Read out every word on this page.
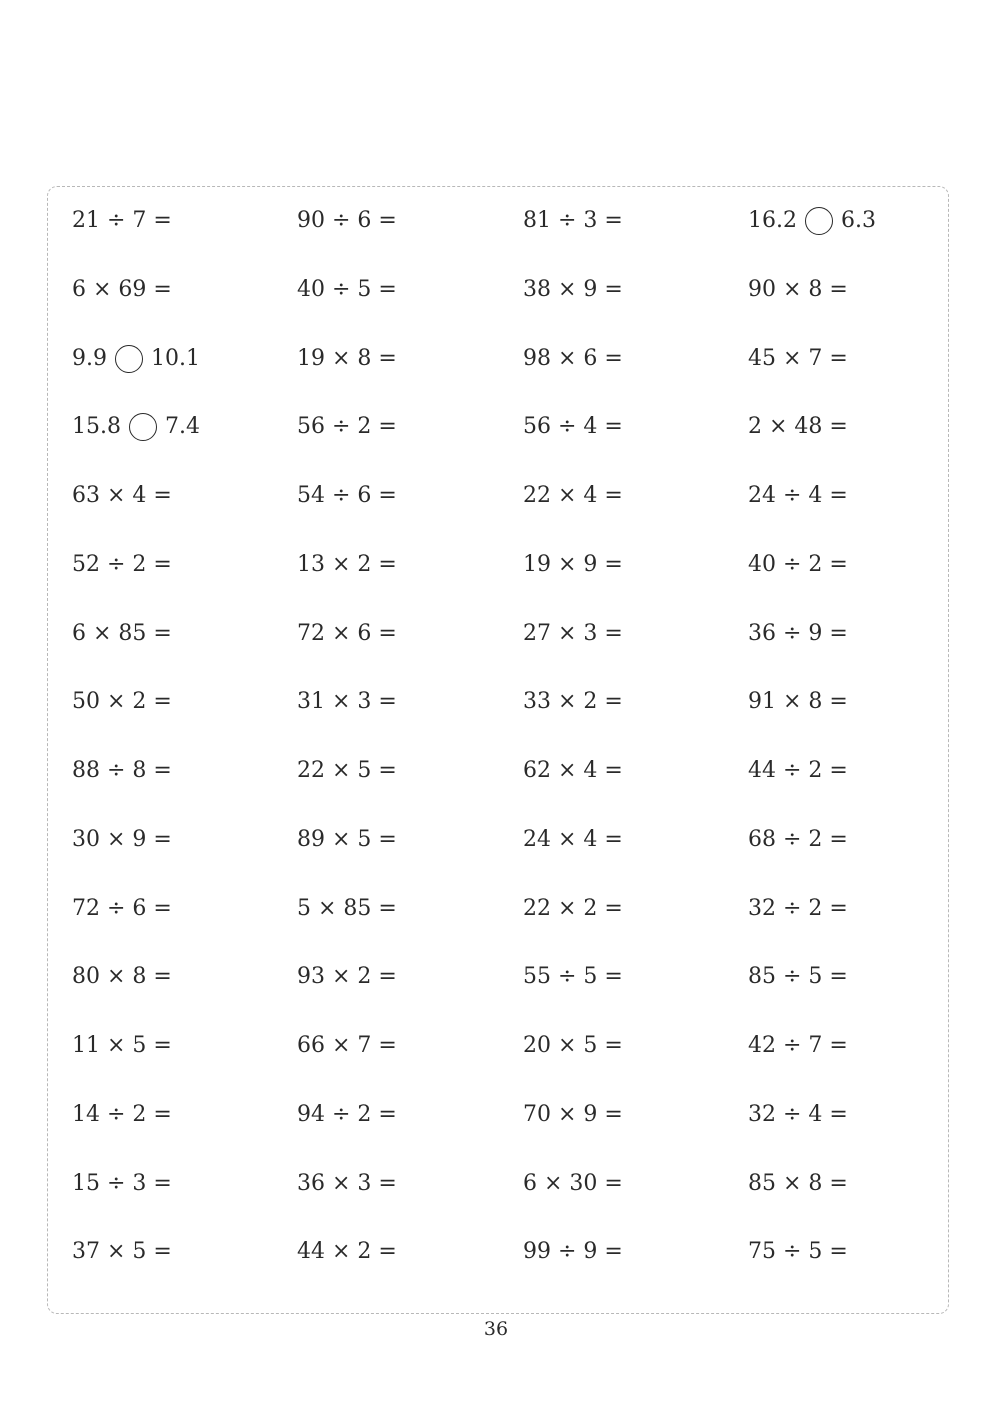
21 ÷ 7 =	90 ÷ 6 =	81 ÷ 3 =	16.2 6.3
6 × 69 =	40 ÷ 5 =	38 × 9 =	90 × 8 =
9.9 10.1	19 × 8 =	98 × 6 =	45 × 7 =
15.8 7.4	56 ÷ 2 =	56 ÷ 4 =	2 × 48 =
63 × 4 =	54 ÷ 6 =	22 × 4 =	24 ÷ 4 =
52 ÷ 2 =	13 × 2 =	19 × 9 =	40 ÷ 2 =
6 × 85 =	72 × 6 =	27 × 3 =	36 ÷ 9 =
50 × 2 =	31 × 3 =	33 × 2 =	91 × 8 =
88 ÷ 8 =	22 × 5 =	62 × 4 =	44 ÷ 2 =
30 × 9 =	89 × 5 =	24 × 4 =	68 ÷ 2 =
72 ÷ 6 =	5 × 85 =	22 × 2 =	32 ÷ 2 =
80 × 8 =	93 × 2 =	55 ÷ 5 =	85 ÷ 5 =
11 × 5 =	66 × 7 =	20 × 5 =	42 ÷ 7 =
14 ÷ 2 =	94 ÷ 2 =	70 × 9 =	32 ÷ 4 =
15 ÷ 3 =	36 × 3 =	6 × 30 =	85 × 8 =
37 × 5 =	44 × 2 =	99 ÷ 9 =	75 ÷ 5 =
36
